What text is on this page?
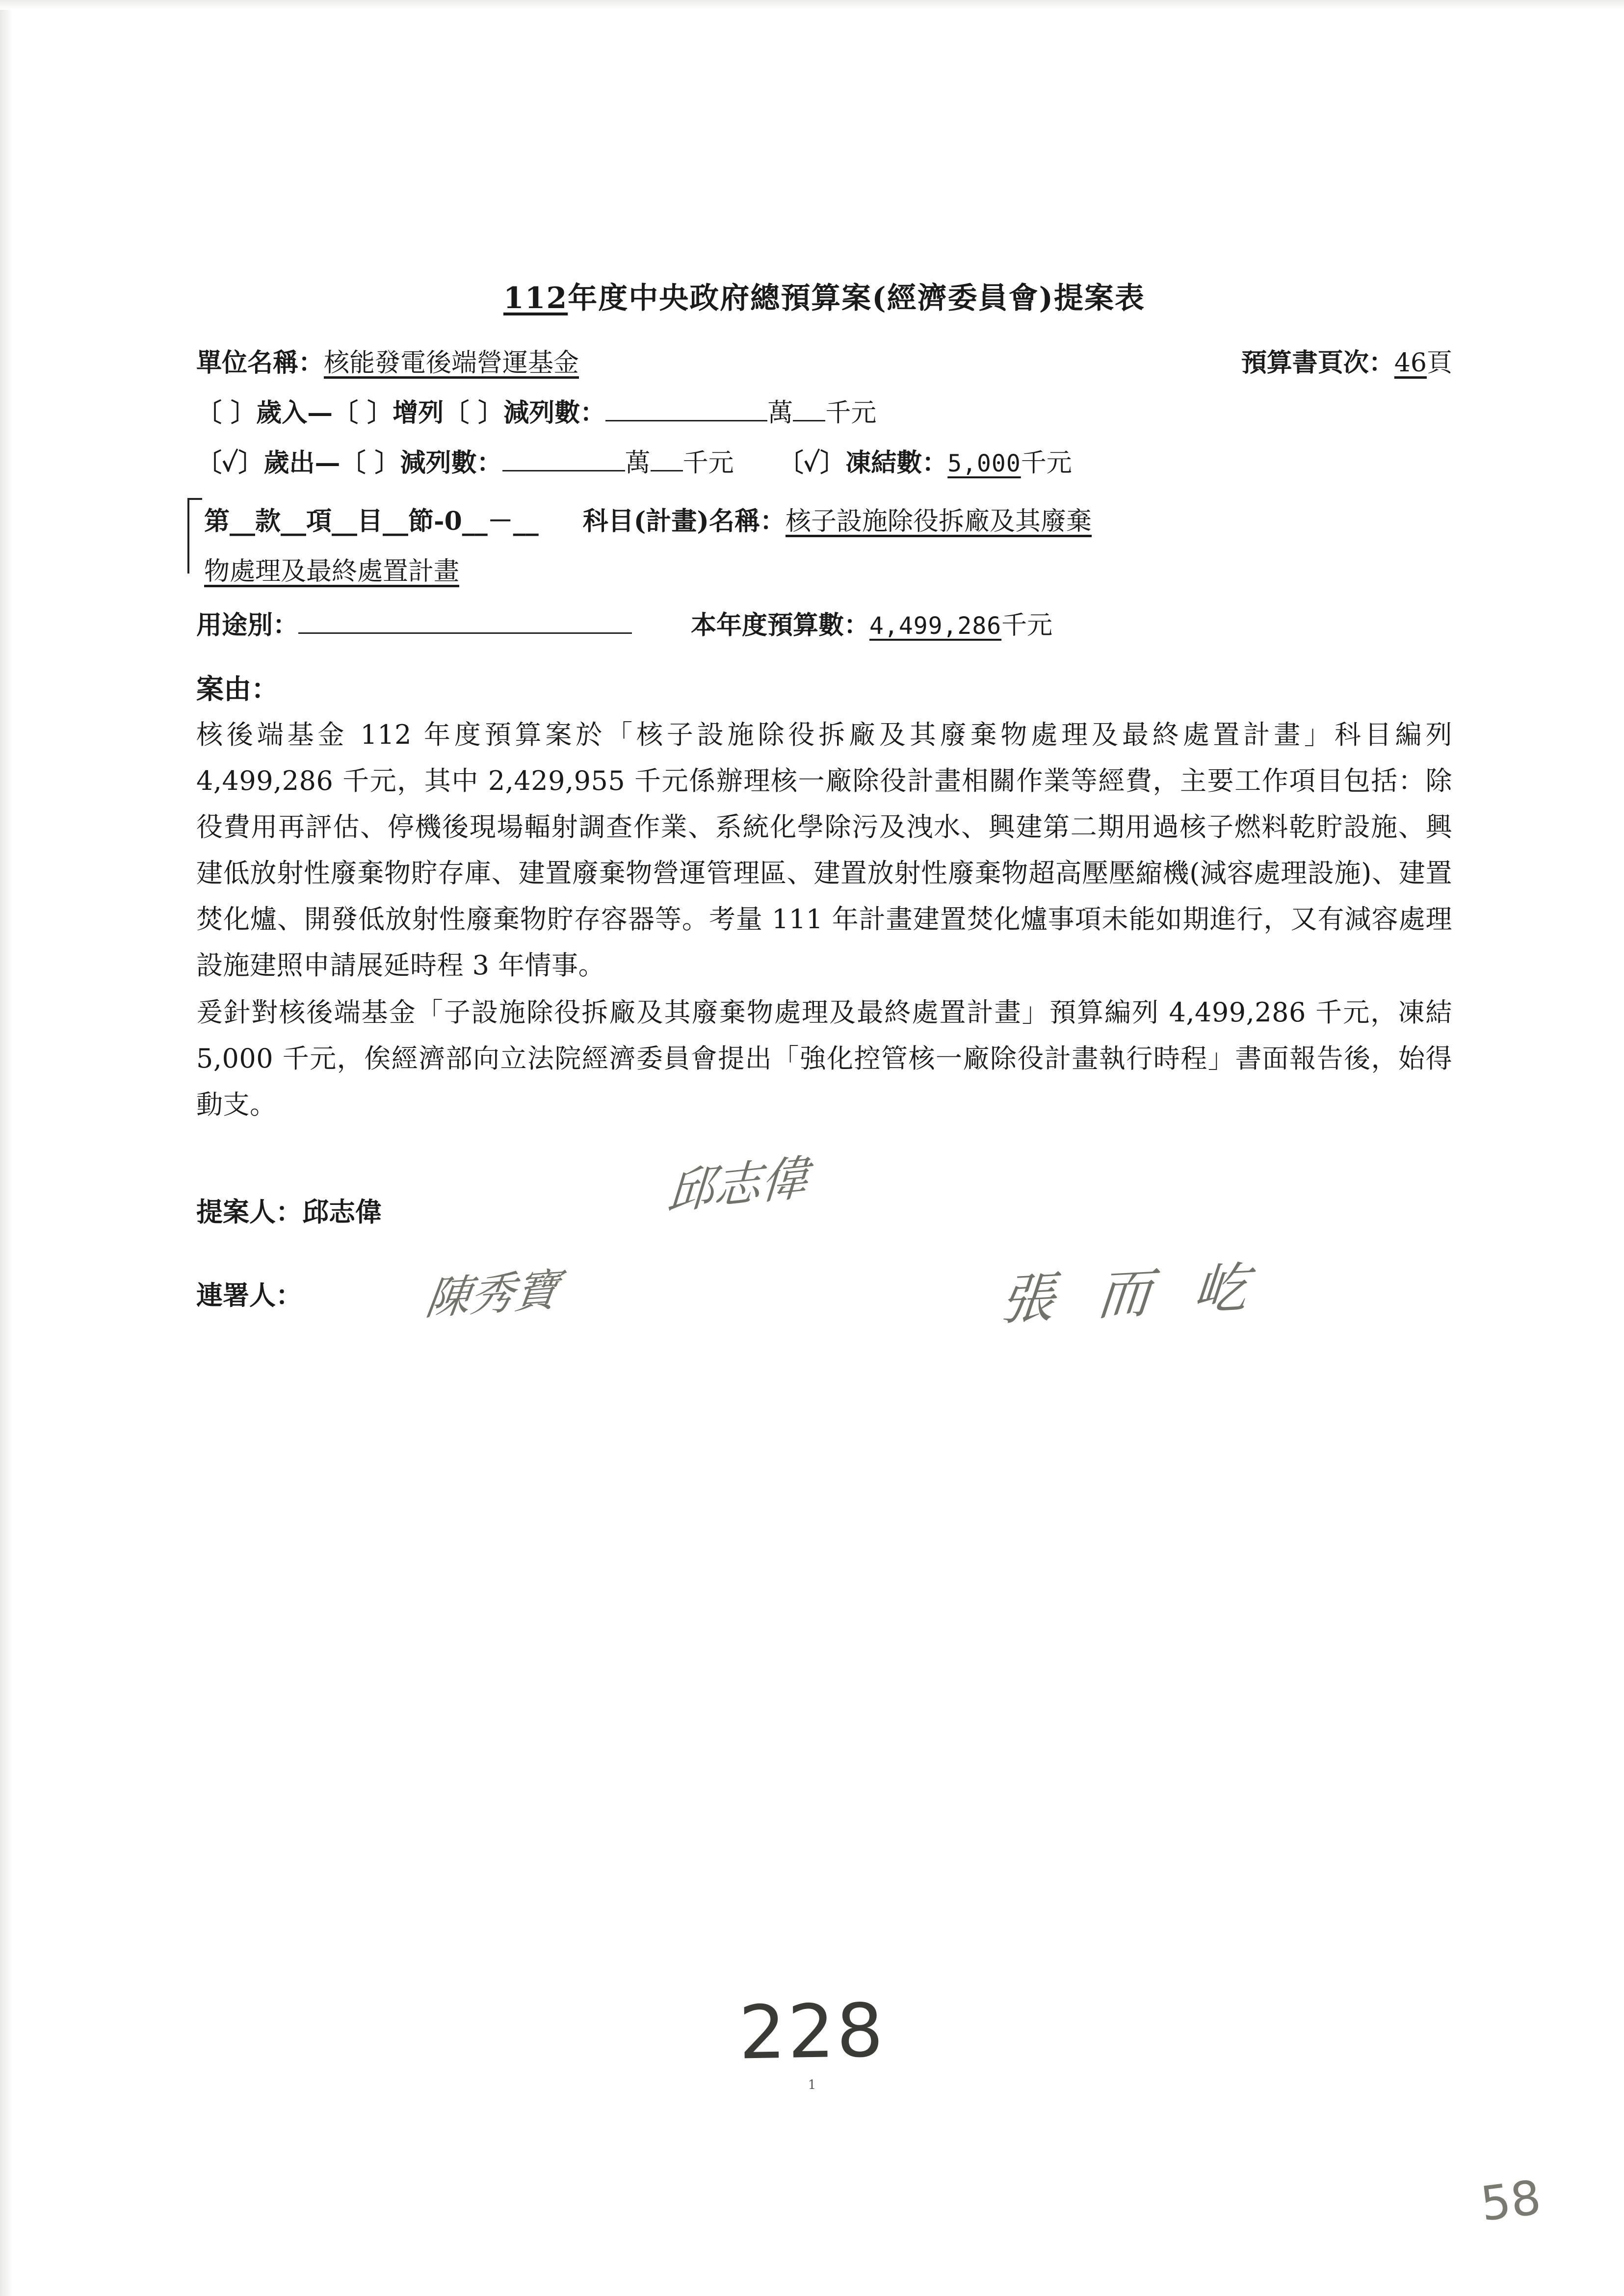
112年度中央政府總預算案(經濟委員會)提案表
單位名稱： 核能發電後端營運基金	預算書頁次： 46 頁
〔 〕歲入—〔 〕增列〔 〕減列數：	萬 千元
〔✓〕歲出—〔 〕減列數：	萬 千元 〔✓〕凍結數： 5,000 千元
第__款__項__目__節-0__－__ 科目(計畫)名稱： 核子設施除役拆廠及其廢棄
物處理及最終處置計畫
用途別：	本年度預算數： 4,499,286 千元
案由：

核後端基金 112 年度預算案於「核子設施除役拆廠及其廢棄物處理及最終處置計畫」科目編列 4,499,286 千元，其中 2,429,955 千元係辦理核一廠除役計畫相關作業等經費，主要工作項目包括：除役費用再評估、停機後現場輻射調查作業、系統化學除污及洩水、興建第二期用過核子燃料乾貯設施、興建低放射性廢棄物貯存庫、建置廢棄物營運管理區、建置放射性廢棄物超高壓壓縮機(減容處理設施)、建置焚化爐、開發低放射性廢棄物貯存容器等。考量 111 年計畫建置焚化爐事項未能如期進行，又有減容處理設施建照申請展延時程 3 年情事。

爰針對核後端基金「子設施除役拆廠及其廢棄物處理及最終處置計畫」預算編列 4,499,286 千元，凍結 5,000 千元，俟經濟部向立法院經濟委員會提出「強化控管核一廠除役計畫執行時程」書面報告後，始得動支。

提案人： 邱志偉	邱志偉
連署人：	陳秀寶	張 而 屹
228
1
58
